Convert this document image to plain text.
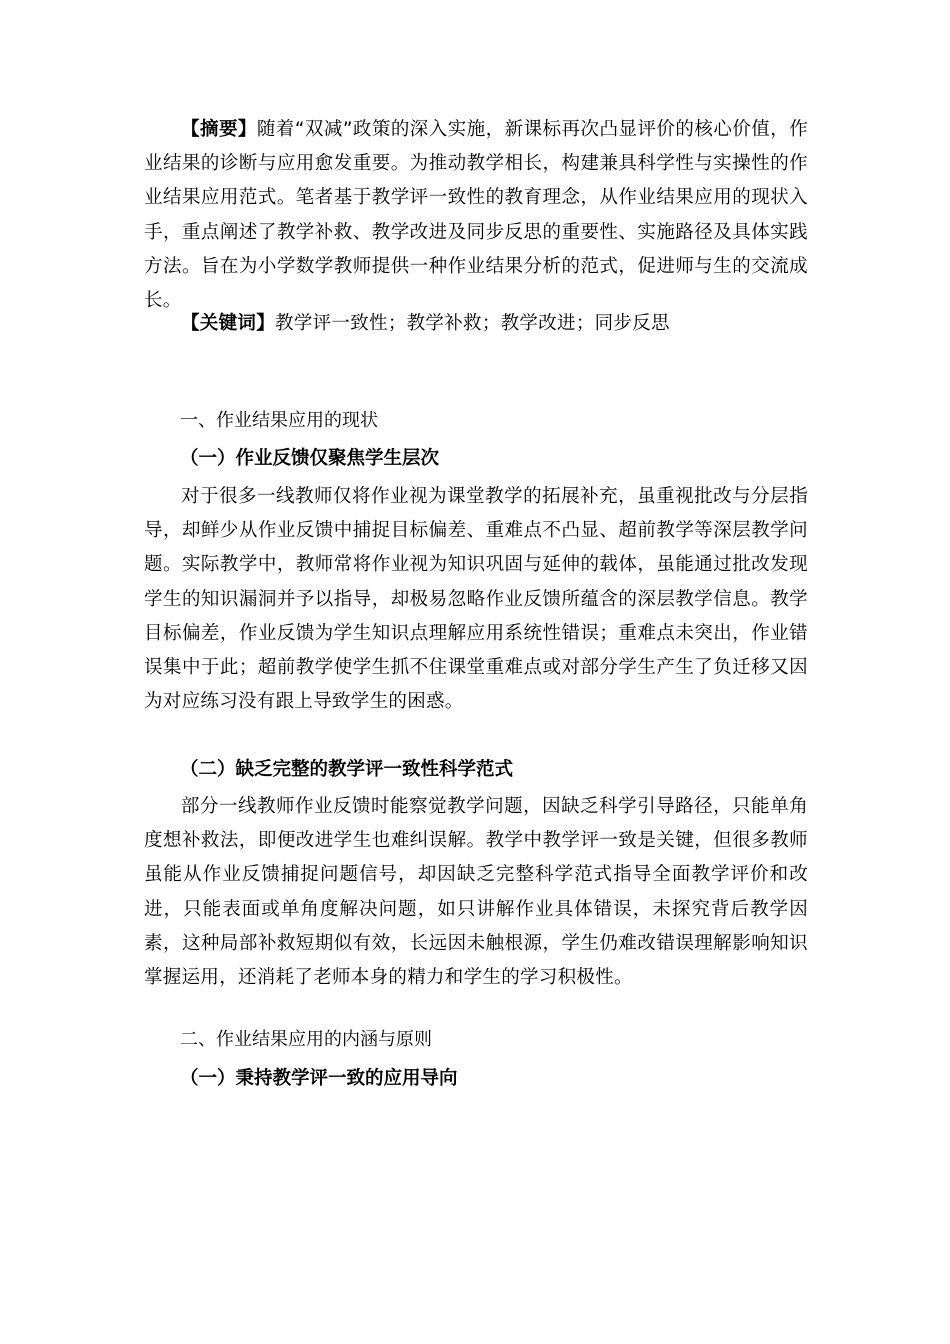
【摘要】随着“双减”政策的深入实施，新课标再次凸显评价的核心价值，作业结果的诊断与应用愈发重要。为推动教学相长，构建兼具科学性与实操性的作业结果应用范式。笔者基于教学评一致性的教育理念，从作业结果应用的现状入手，重点阐述了教学补救、教学改进及同步反思的重要性、实施路径及具体实践方法。旨在为小学数学教师提供一种作业结果分析的范式，促进师与生的交流成长。

【关键词】教学评一致性；教学补救；教学改进；同步反思

一、作业结果应用的现状
（一）作业反馈仅聚焦学生层次

对于很多一线教师仅将作业视为课堂教学的拓展补充，虽重视批改与分层指导，却鲜少从作业反馈中捕捉目标偏差、重难点不凸显、超前教学等深层教学问题。实际教学中，教师常将作业视为知识巩固与延伸的载体，虽能通过批改发现学生的知识漏洞并予以指导，却极易忽略作业反馈所蕴含的深层教学信息。教学目标偏差，作业反馈为学生知识点理解应用系统性错误；重难点未突出，作业错误集中于此；超前教学使学生抓不住课堂重难点或对部分学生产生了负迁移又因为对应练习没有跟上导致学生的困惑。

（二）缺乏完整的教学评一致性科学范式

部分一线教师作业反馈时能察觉教学问题，因缺乏科学引导路径，只能单角度想补救法，即便改进学生也难纠误解。教学中教学评一致是关键，但很多教师虽能从作业反馈捕捉问题信号，却因缺乏完整科学范式指导全面教学评价和改进，只能表面或单角度解决问题，如只讲解作业具体错误，未探究背后教学因素，这种局部补救短期似有效，长远因未触根源，学生仍难改错误理解影响知识掌握运用，还消耗了老师本身的精力和学生的学习积极性。

二、作业结果应用的内涵与原则
（一）秉持教学评一致的应用导向
